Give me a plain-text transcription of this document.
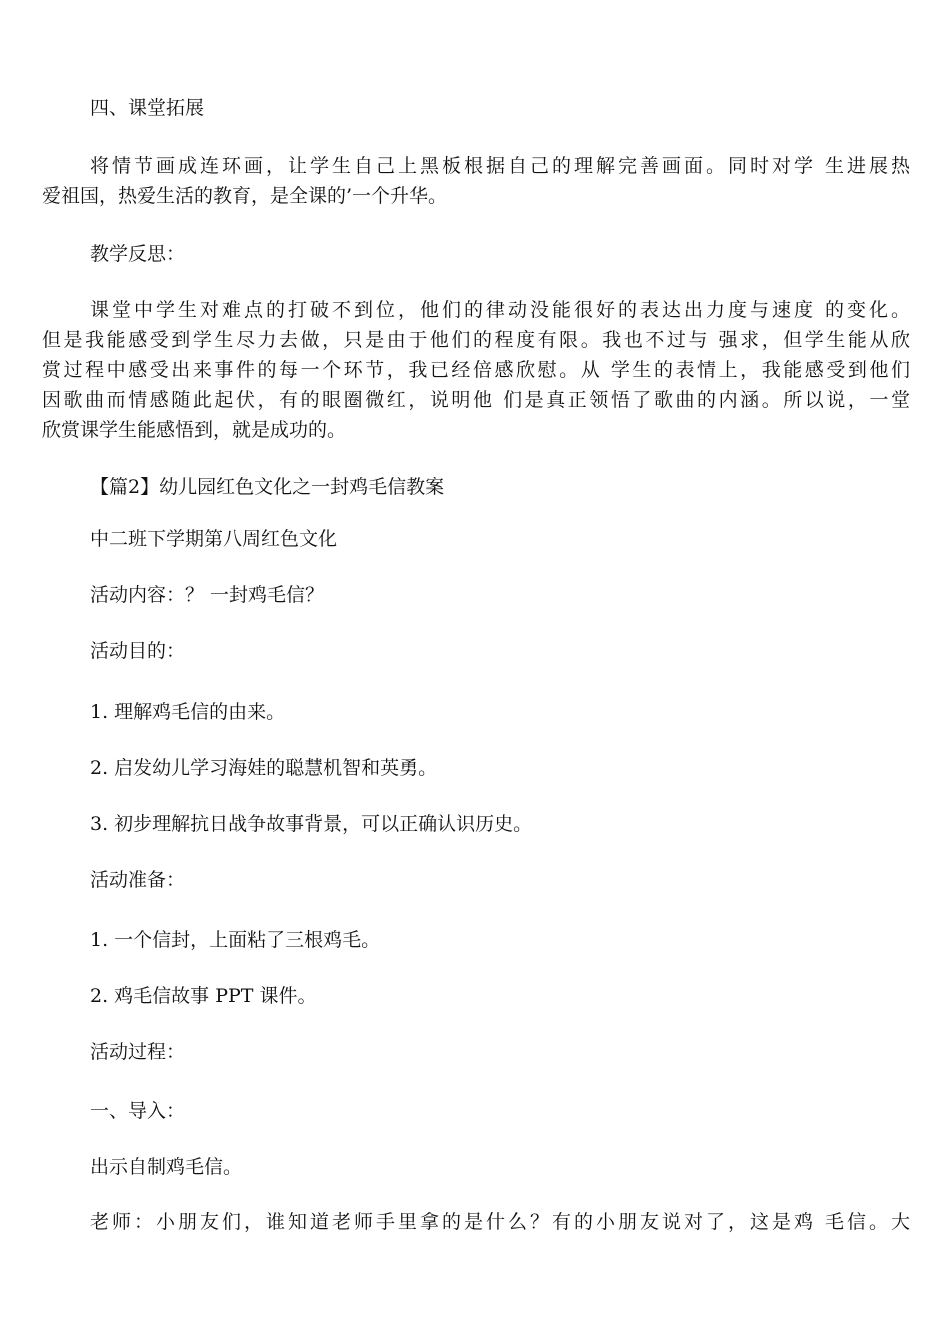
四、课堂拓展

将情节画成连环画，让学生自己上黑板根据自己的理解完善画面。同时对学 生进展热

爱祖国，热爱生活的教育，是全课的’一个升华。

教学反思：

课堂中学生对难点的打破不到位，他们的律动没能很好的表达出力度与速度 的变化。

但是我能感受到学生尽力去做，只是由于他们的程度有限。我也不过与 强求，但学生能从欣

赏过程中感受出来事件的每一个环节，我已经倍感欣慰。从 学生的表情上，我能感受到他们

因歌曲而情感随此起伏，有的眼圈微红，说明他 们是真正领悟了歌曲的内涵。所以说，一堂

欣赏课学生能感悟到，就是成功的。

【篇2】幼儿园红色文化之一封鸡毛信教案

中二班下学期第八周红色文化

活动内容：？ 一封鸡毛信？

活动目的：

1. 理解鸡毛信的由来。

2. 启发幼儿学习海娃的聪慧机智和英勇。

3. 初步理解抗日战争故事背景，可以正确认识历史。

活动准备：

1. 一个信封，上面粘了三根鸡毛。

2. 鸡毛信故事 PPT 课件。

活动过程：

一、导入：

出示自制鸡毛信。

老师：小朋友们，谁知道老师手里拿的是什么？有的小朋友说对了，这是鸡 毛信。大
